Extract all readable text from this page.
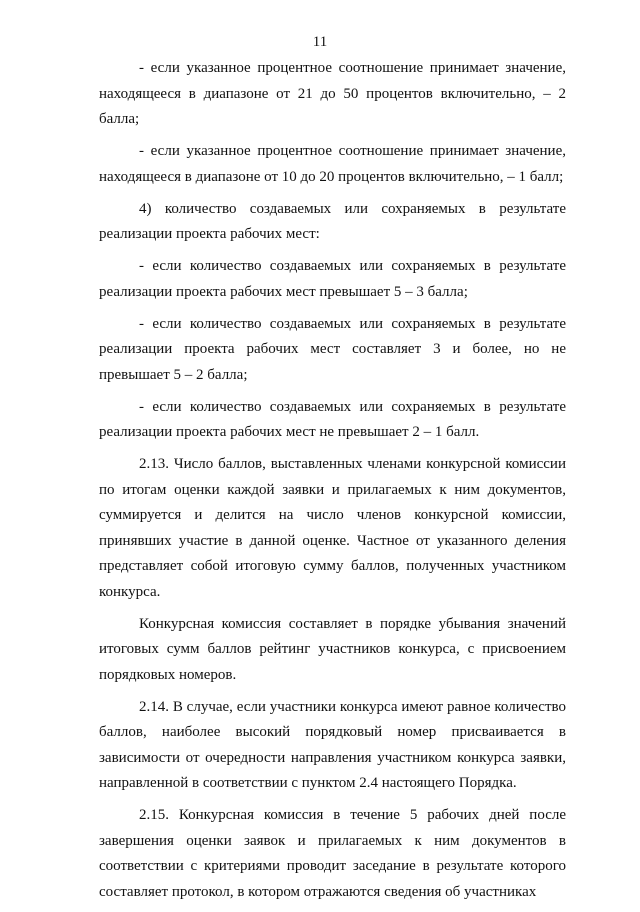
11

- если указанное процентное соотношение принимает значение, находящееся в диапазоне от 21 до 50 процентов включительно, – 2 балла;

- если указанное процентное соотношение принимает значение, находящееся в диапазоне от 10 до 20 процентов включительно, – 1 балл;

4) количество создаваемых или сохраняемых в результате реализации проекта рабочих мест:

- если количество создаваемых или сохраняемых в результате реализации проекта рабочих мест превышает 5 – 3 балла;

- если количество создаваемых или сохраняемых в результате реализации проекта рабочих мест составляет 3 и более, но не превышает 5 – 2 балла;

- если количество создаваемых или сохраняемых в результате реализации проекта рабочих мест не превышает 2 – 1 балл.

2.13. Число баллов, выставленных членами конкурсной комиссии по итогам оценки каждой заявки и прилагаемых к ним документов, суммируется и делится на число членов конкурсной комиссии, принявших участие в данной оценке. Частное от указанного деления представляет собой итоговую сумму баллов, полученных участником конкурса.

Конкурсная комиссия составляет в порядке убывания значений итоговых сумм баллов рейтинг участников конкурса, с присвоением порядковых номеров.

2.14. В случае, если участники конкурса имеют равное количество баллов, наиболее высокий порядковый номер присваивается в зависимости от очередности направления участником конкурса заявки, направленной в соответствии с пунктом 2.4 настоящего Порядка.

2.15. Конкурсная комиссия в течение 5 рабочих дней после завершения оценки заявок и прилагаемых к ним документов в соответствии с критериями проводит заседание в результате которого составляет протокол, в котором отражаются сведения об участниках
